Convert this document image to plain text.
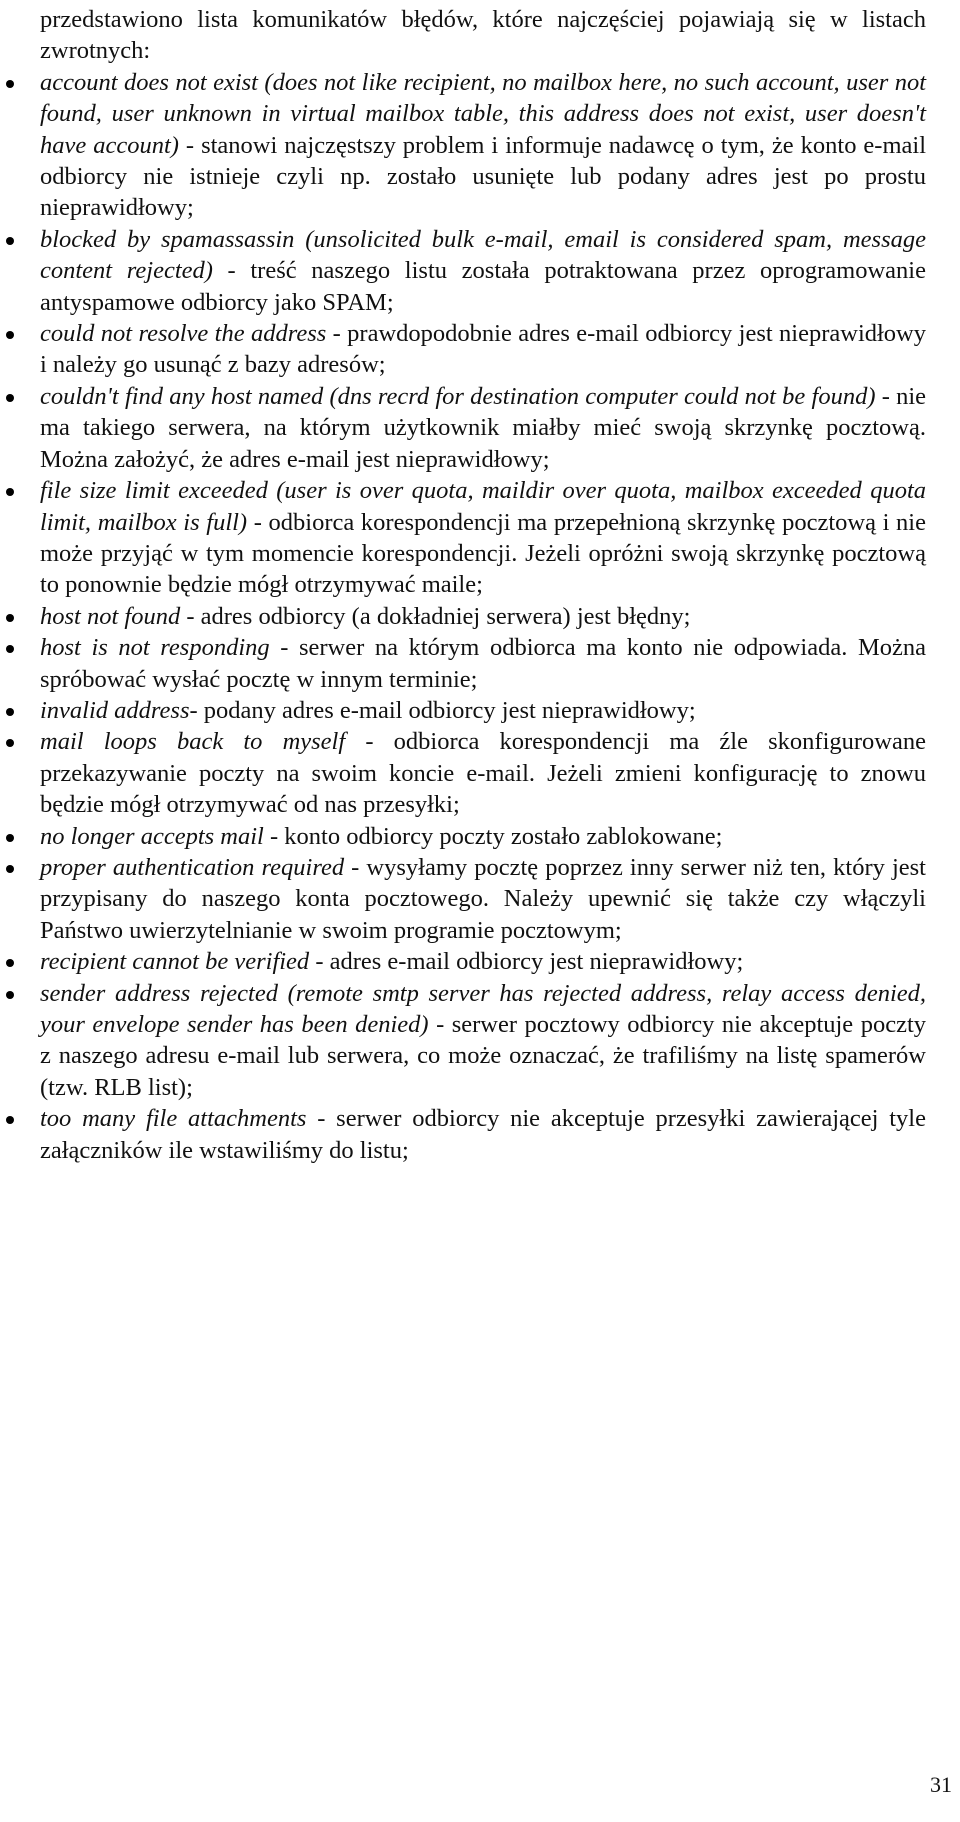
przedstawiono lista komunikatów błędów, które najczęściej pojawiają się w listach zwrotnych:

account does not exist (does not like recipient, no mailbox here, no such account, user not found, user unknown in virtual mailbox table, this address does not exist, user doesn't have account) - stanowi najczęstszy problem i informuje nadawcę o tym, że konto e-mail odbiorcy nie istnieje czyli np. zostało usunięte lub podany adres jest po prostu nieprawidłowy;
blocked by spamassassin (unsolicited bulk e-mail, email is considered spam, message content rejected) - treść naszego listu została potraktowana przez oprogramowanie antyspamowe odbiorcy jako SPAM;
could not resolve the address - prawdopodobnie adres e-mail odbiorcy jest nieprawidłowy i należy go usunąć z bazy adresów;
couldn't find any host named (dns recrd for destination computer could not be found) - nie ma takiego serwera, na którym użytkownik miałby mieć swoją skrzynkę pocztową. Można założyć, że adres e-mail jest nieprawidłowy;
file size limit exceeded (user is over quota, maildir over quota, mailbox exceeded quota limit, mailbox is full) - odbiorca korespondencji ma przepełnioną skrzynkę pocztową i nie może przyjąć w tym momencie korespondencji. Jeżeli opróżni swoją skrzynkę pocztową to ponownie będzie mógł otrzymywać maile;
host not found - adres odbiorcy (a dokładniej serwera) jest błędny;
host is not responding - serwer na którym odbiorca ma konto nie odpowiada. Można spróbować wysłać pocztę w innym terminie;
invalid address- podany adres e-mail odbiorcy jest nieprawidłowy;
mail loops back to myself - odbiorca korespondencji ma źle skonfigurowane przekazywanie poczty na swoim koncie e-mail. Jeżeli zmieni konfigurację to znowu będzie mógł otrzymywać od nas przesyłki;
no longer accepts mail - konto odbiorcy poczty zostało zablokowane;
proper authentication required - wysyłamy pocztę poprzez inny serwer niż ten, który jest przypisany do naszego konta pocztowego. Należy upewnić się także czy włączyli Państwo uwierzytelnianie w swoim programie pocztowym;
recipient cannot be verified - adres e-mail odbiorcy jest nieprawidłowy;
sender address rejected (remote smtp server has rejected address, relay access denied, your envelope sender has been denied) - serwer pocztowy odbiorcy nie akceptuje poczty z naszego adresu e-mail lub serwera, co może oznaczać, że trafiliśmy na listę spamerów (tzw. RLB list);
too many file attachments - serwer odbiorcy nie akceptuje przesyłki zawierającej tyle załączników ile wstawiliśmy do listu;
31
